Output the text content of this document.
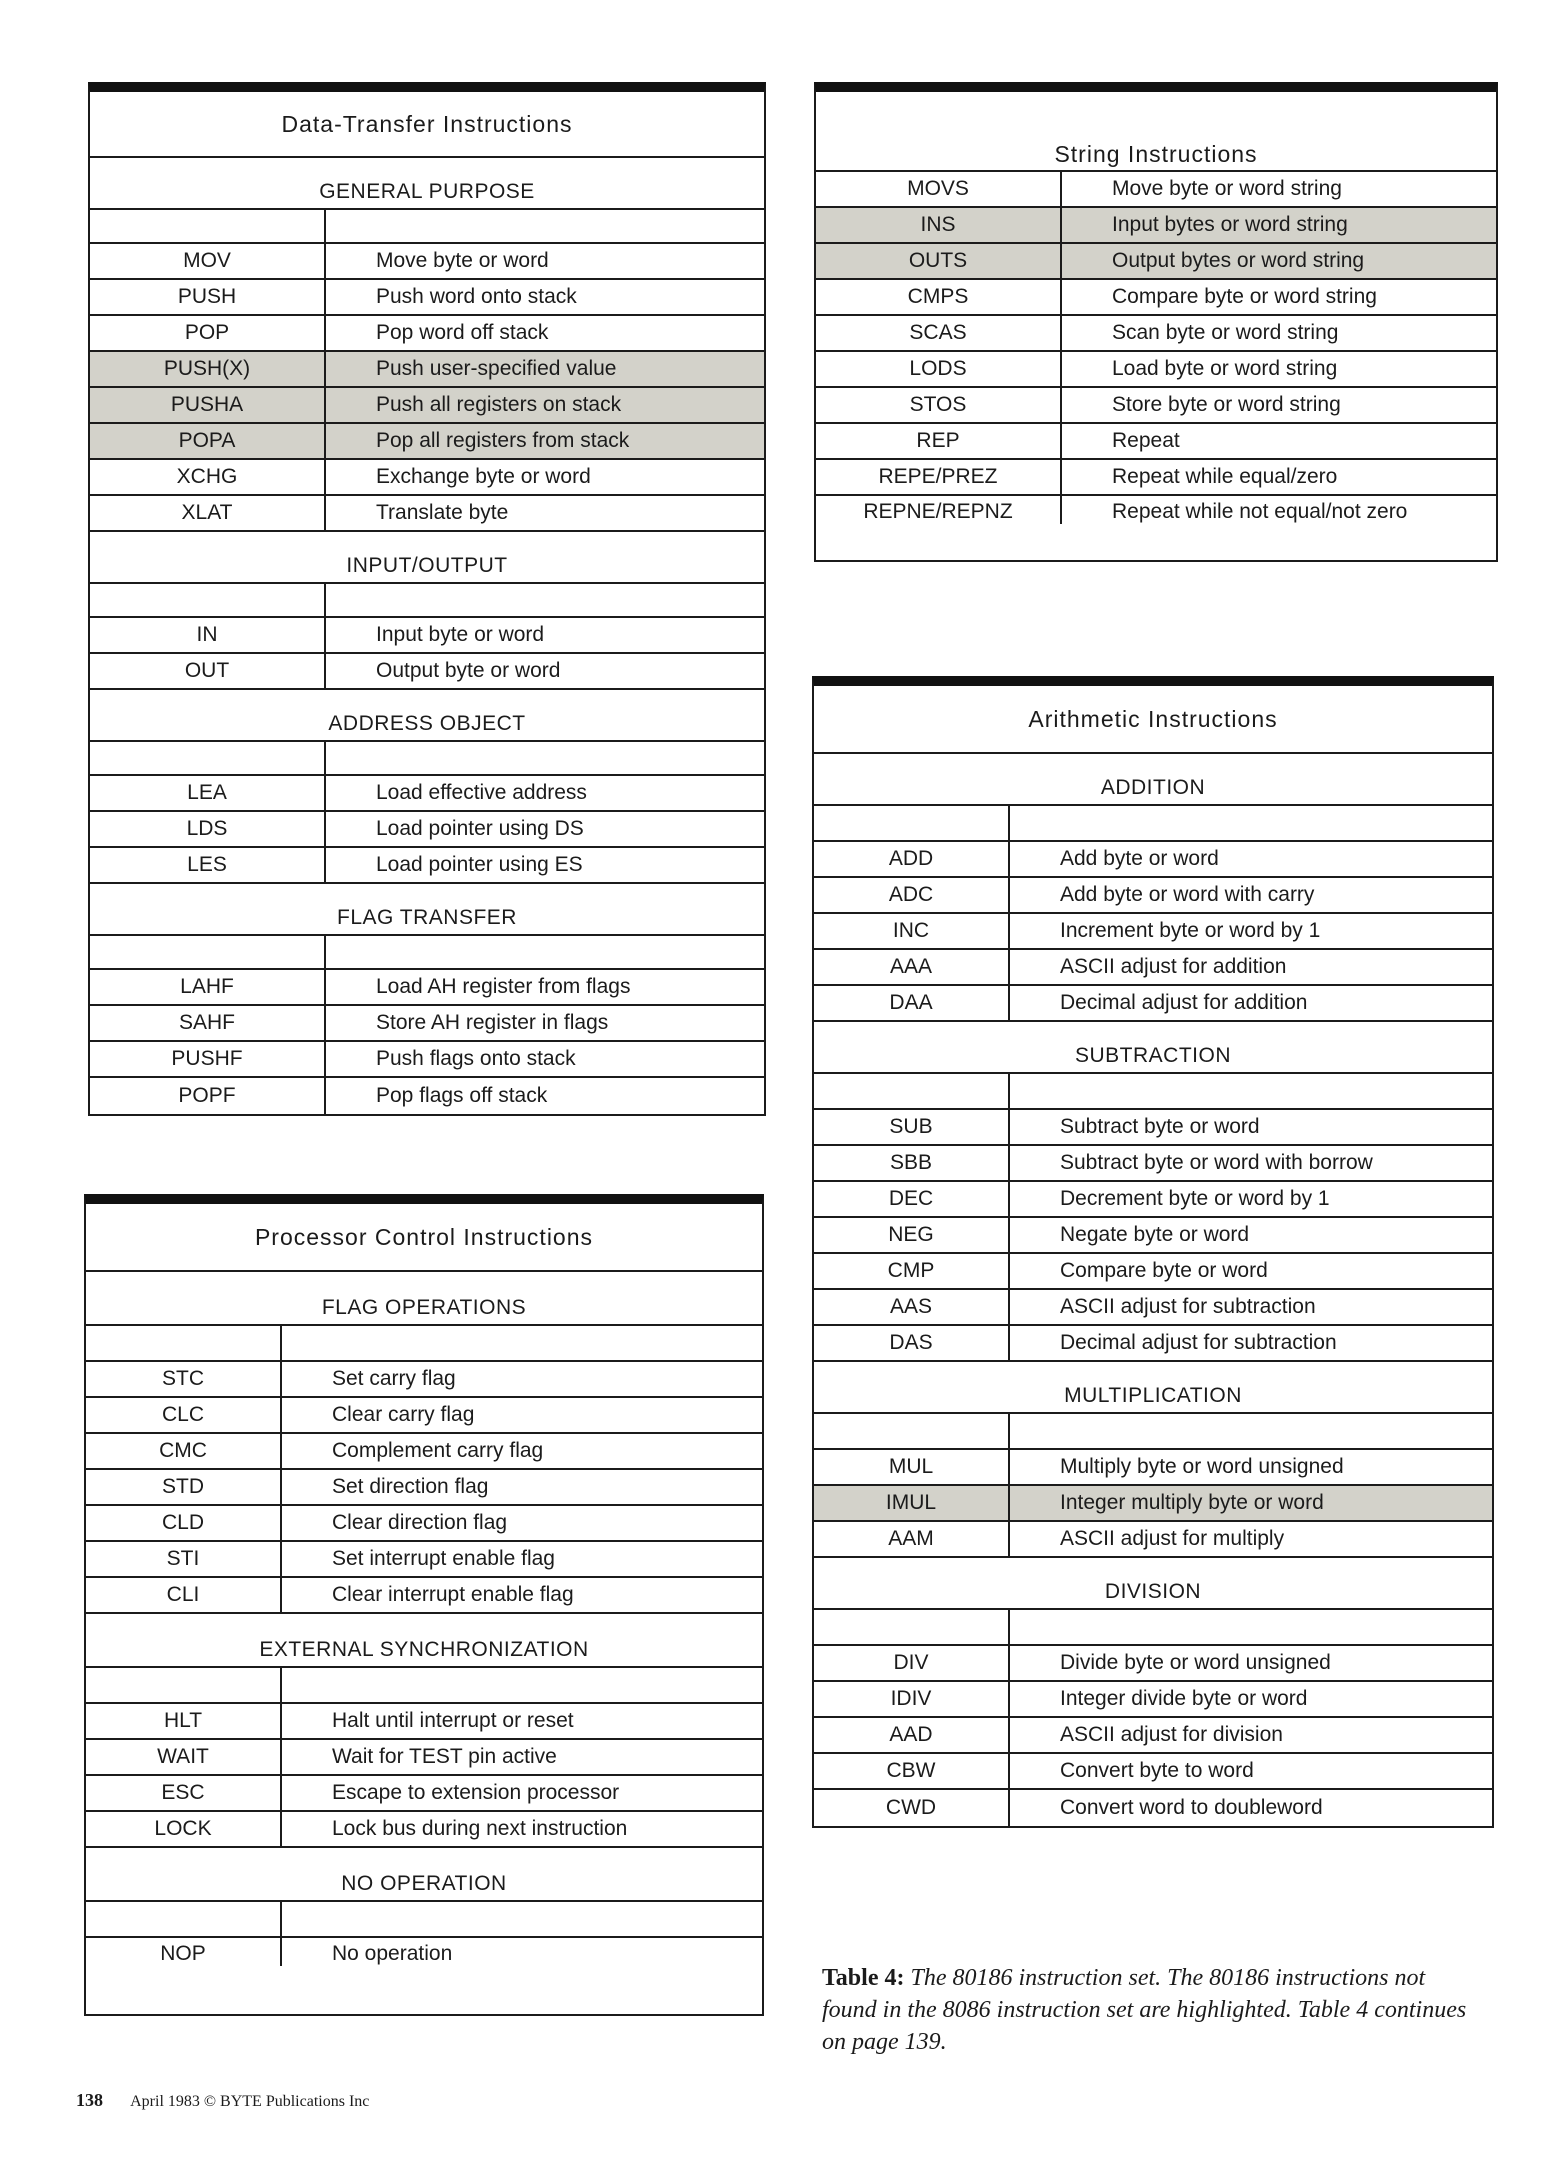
Data-Transfer Instructions
GENERAL PURPOSE
MOV	Move byte or word
PUSH	Push word onto stack
POP	Pop word off stack
PUSH(X)	Push user-specified value
PUSHA	Push all registers on stack
POPA	Pop all registers from stack
XCHG	Exchange byte or word
XLAT	Translate byte
INPUT/OUTPUT
IN	Input byte or word
OUT	Output byte or word
ADDRESS OBJECT
LEA	Load effective address
LDS	Load pointer using DS
LES	Load pointer using ES
FLAG TRANSFER
LAHF	Load AH register from flags
SAHF	Store AH register in flags
PUSHF	Push flags onto stack
POPF	Pop flags off stack
Processor Control Instructions
FLAG OPERATIONS
STC	Set carry flag
CLC	Clear carry flag
CMC	Complement carry flag
STD	Set direction flag
CLD	Clear direction flag
STI	Set interrupt enable flag
CLI	Clear interrupt enable flag
EXTERNAL SYNCHRONIZATION
HLT	Halt until interrupt or reset
WAIT	Wait for TEST pin active
ESC	Escape to extension processor
LOCK	Lock bus during next instruction
NO OPERATION
NOP	No operation
String Instructions
MOVS	Move byte or word string
INS	Input bytes or word string
OUTS	Output bytes or word string
CMPS	Compare byte or word string
SCAS	Scan byte or word string
LODS	Load byte or word string
STOS	Store byte or word string
REP	Repeat
REPE/PREZ	Repeat while equal/zero
REPNE/REPNZ	Repeat while not equal/not zero
Arithmetic Instructions
ADDITION
ADD	Add byte or word
ADC	Add byte or word with carry
INC	Increment byte or word by 1
AAA	ASCII adjust for addition
DAA	Decimal adjust for addition
SUBTRACTION
SUB	Subtract byte or word
SBB	Subtract byte or word with borrow
DEC	Decrement byte or word by 1
NEG	Negate byte or word
CMP	Compare byte or word
AAS	ASCII adjust for subtraction
DAS	Decimal adjust for subtraction
MULTIPLICATION
MUL	Multiply byte or word unsigned
IMUL	Integer multiply byte or word
AAM	ASCII adjust for multiply
DIVISION
DIV	Divide byte or word unsigned
IDIV	Integer divide byte or word
AAD	ASCII adjust for division
CBW	Convert byte to word
CWD	Convert word to doubleword
Table 4: The 80186 instruction set. The 80186 instructions not found in the 8086 instruction set are highlighted. Table 4 continues on page 139.
138 April 1983 © BYTE Publications Inc
